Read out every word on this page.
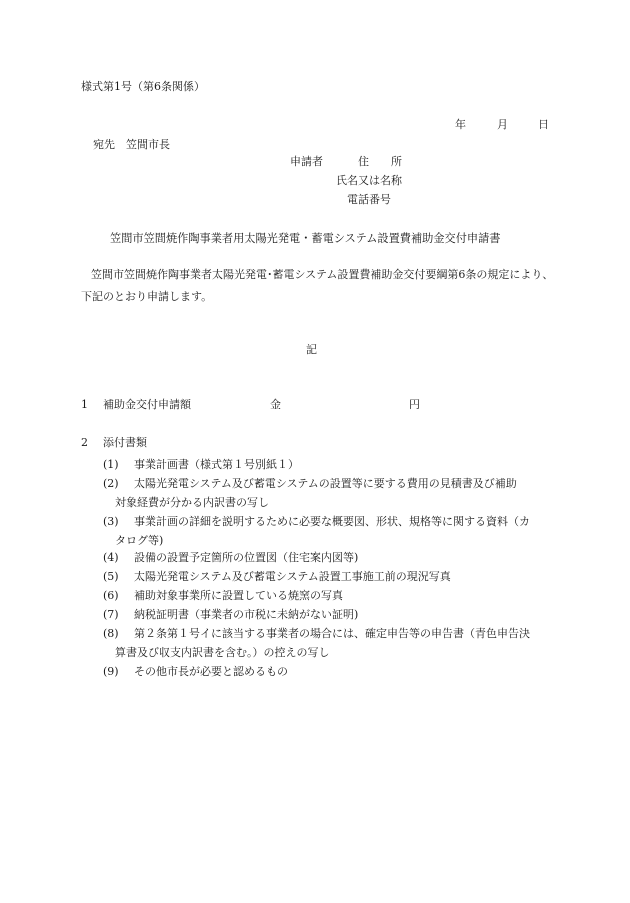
様式第1号（第6条関係）
年	月	日
宛先　笠間市長
申請者	住　　所
氏名又は名称
電話番号
笠間市笠間焼作陶事業者用太陽光発電・蓄電システム設置費補助金交付申請書
笠間市笠間焼作陶事業者太陽光発電･蓄電システム設置費補助金交付要綱第6条の規定により、下記のとおり申請します。
記
1 補助金交付申請額	金	円
2 添付書類
(1)	事業計画書（様式第１号別紙１）
(2)	太陽光発電システム及び蓄電システムの設置等に要する費用の見積書及び補助
対象経費が分かる内訳書の写し
(3)	事業計画の詳細を説明するために必要な概要図、形状、規格等に関する資料（カ
タログ等)
(4)	設備の設置予定箇所の位置図（住宅案内図等)
(5)	太陽光発電システム及び蓄電システム設置工事施工前の現況写真
(6)	補助対象事業所に設置している焼窯の写真
(7)	納税証明書（事業者の市税に未納がない証明)
(8)	第２条第１号イに該当する事業者の場合には、確定申告等の申告書（青色申告決
算書及び収支内訳書を含む。）の控えの写し
(9)	その他市長が必要と認めるもの
